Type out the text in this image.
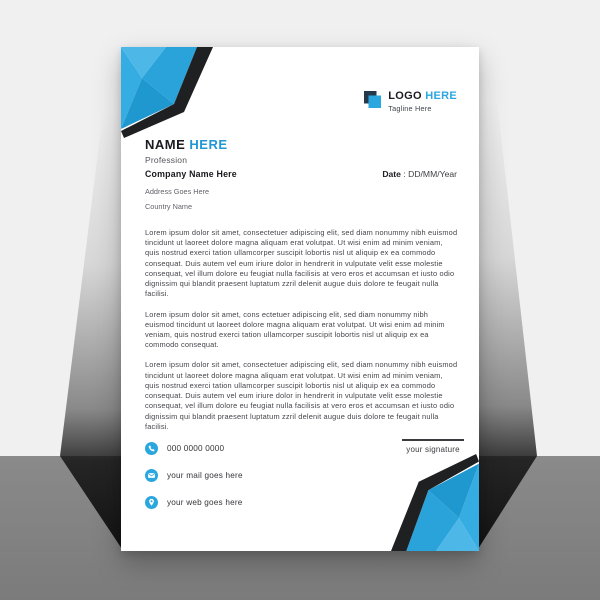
LOGO HERE
Tagline Here
NAME HERE
Profession
Company Name Here
Address Goes Here
Country Name
Date : DD/MM/Year

Lorem ipsum dolor sit amet, consectetuer adipiscing elit, sed diam nonummy nibh euismod tincidunt ut laoreet dolore magna aliquam erat volutpat. Ut wisi enim ad minim veniam, quis nostrud exerci tation ullamcorper suscipit lobortis nisl ut aliquip ex ea commodo consequat. Duis autem vel eum iriure dolor in hendrerit in vulputate velit esse molestie consequat, vel illum dolore eu feugiat nulla facilisis at vero eros et accumsan et iusto odio dignissim qui blandit praesent luptatum zzril delenit augue duis dolore te feugait nulla facilisi.

Lorem ipsum dolor sit amet, cons ectetuer adipiscing elit, sed diam nonummy nibh euismod tincidunt ut laoreet dolore magna aliquam erat volutpat. Ut wisi enim ad minim veniam, quis nostrud exerci tation ullamcorper suscipit lobortis nisl ut aliquip ex ea commodo consequat.

Lorem ipsum dolor sit amet, consectetuer adipiscing elit, sed diam nonummy nibh euismod tincidunt ut laoreet dolore magna aliquam erat volutpat. Ut wisi enim ad minim veniam, quis nostrud exerci tation ullamcorper suscipit lobortis nisl ut aliquip ex ea commodo consequat. Duis autem vel eum iriure dolor in hendrerit in vulputate velit esse molestie consequat, vel illum dolore eu feugiat nulla facilisis at vero eros et accumsan et iusto odio dignissim qui blandit praesent luptatum zzril delenit augue duis dolore te feugait nulla facilisi.

000 0000 0000
your mail goes here
your web goes here
your signature
